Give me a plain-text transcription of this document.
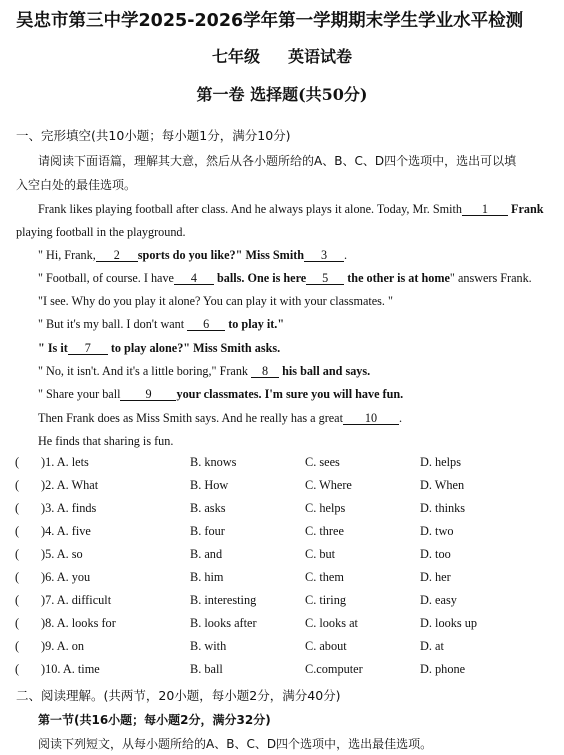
吴忠市第三中学2025-2026学年第一学期期末学生学业水平检测
七年级 英语试卷
第一卷 选择题(共50分)
一、完形填空(共10小题；每小题1分，满分10分)
请阅读下面语篇，理解其大意，然后从各小题所给的A、B、C、D四个选项中，选出可以填
入空白处的最佳选项。
Frank likes playing football after class. And he always plays it alone. Today, Mr. Smith 1 Frank
playing football in the playground.
" Hi, Frank, 2 sports do you like?" Miss Smith 3 .
" Football, of course. I have 4 balls. One is here 5 the other is at home" answers Frank.
"I see. Why do you play it alone? You can play it with your classmates. "
" But it's my ball. I don't want 6 to play it."
" Is it 7 to play alone?" Miss Smith asks.
" No, it isn't. And it's a little boring," Frank 8 his ball and says.
" Share your ball 9 your classmates. I'm sure you will have fun.
Then Frank does as Miss Smith says. And he really has a great 10 .
He finds that sharing is fun.
( )1. A. lets	B. knows	C. sees	D. helps
( )2. A. What	B. How	C. Where	D. When
( )3. A. finds	B. asks	C. helps	D. thinks
( )4. A. five	B. four	C. three	D. two
( )5. A. so	B. and	C. but	D. too
( )6. A. you	B. him	C. them	D. her
( )7. A. difficult	B. interesting	C. tiring	D. easy
( )8. A. looks for	B. looks after	C. looks at	D. looks up
( )9. A. on	B. with	C. about	D. at
( )10. A. time	B. ball	C.computer	D. phone
二、阅读理解。(共两节，20小题，每小题2分，满分40分)
第一节(共16小题；每小题2分，满分32分)
阅读下列短文，从每小题所给的A、B、C、D四个选项中，选出最佳选项。
